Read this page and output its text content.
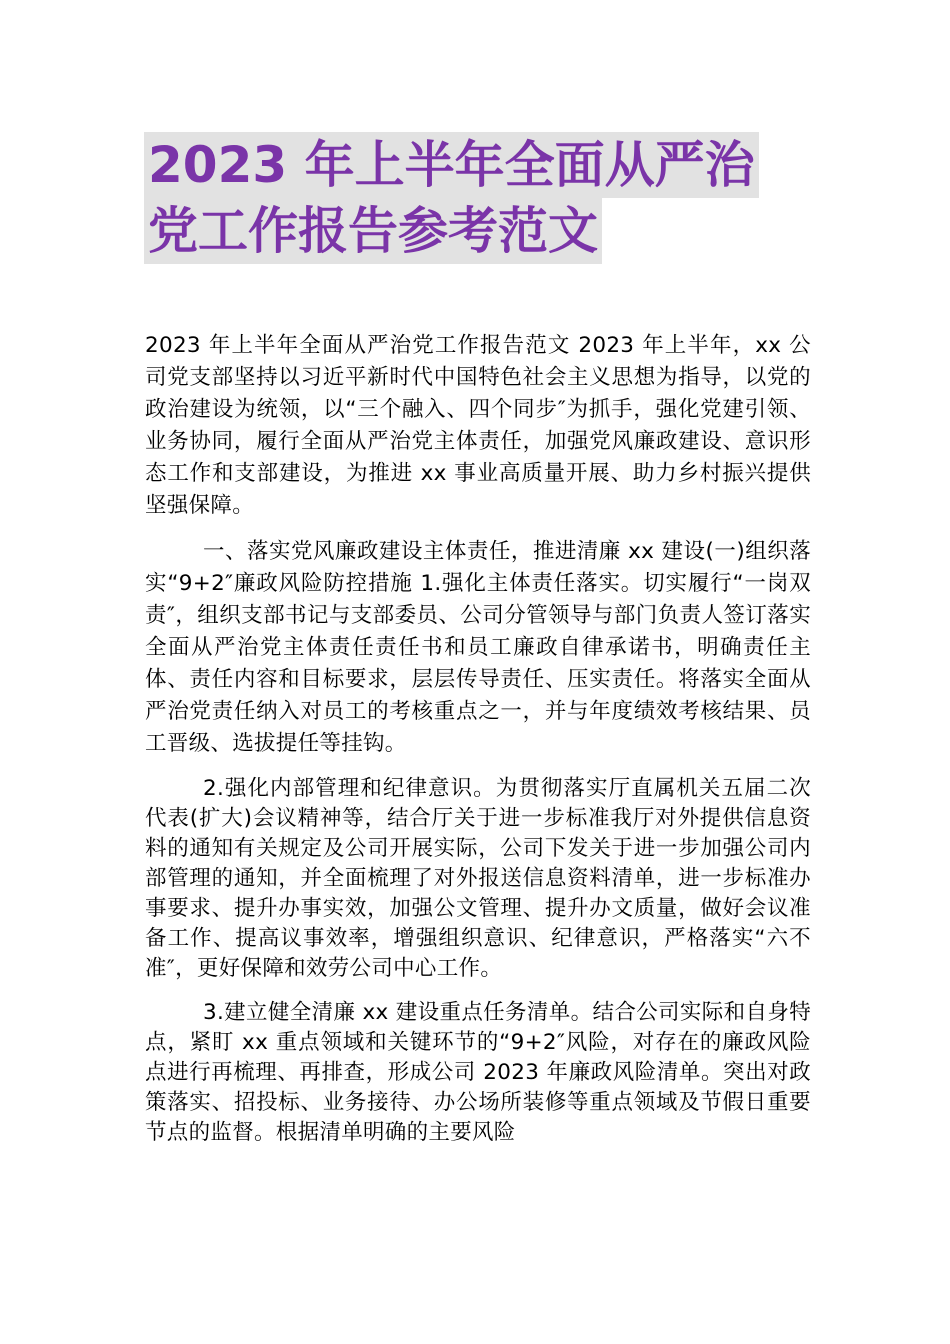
2023 年上半年全面从严治
党工作报告参考范文

2023 年上半年全面从严治党工作报告范文 2023 年上半年，xx 公司党支部坚持以习近平新时代中国特色社会主义思想为指导，以党的政治建设为统领，以“三个融入、四个同步″为抓手，强化党建引领、业务协同，履行全面从严治党主体责任，加强党风廉政建设、意识形态工作和支部建设，为推进 xx 事业高质量开展、助力乡村振兴提供坚强保障。

一、落实党风廉政建设主体责任，推进清廉 xx 建设(一)组织落实“9+2″廉政风险防控措施 1.强化主体责任落实。切实履行“一岗双责″，组织支部书记与支部委员、公司分管领导与部门负责人签订落实全面从严治党主体责任责任书和员工廉政自律承诺书，明确责任主体、责任内容和目标要求，层层传导责任、压实责任。将落实全面从严治党责任纳入对员工的考核重点之一，并与年度绩效考核结果、员工晋级、选拔提任等挂钩。

2.强化内部管理和纪律意识。为贯彻落实厅直属机关五届二次代表(扩大)会议精神等，结合厅关于进一步标准我厅对外提供信息资料的通知有关规定及公司开展实际，公司下发关于进一步加强公司内部管理的通知，并全面梳理了对外报送信息资料清单，进一步标准办事要求、提升办事实效，加强公文管理、提升办文质量，做好会议准备工作、提高议事效率，增强组织意识、纪律意识，严格落实“六不准″，更好保障和效劳公司中心工作。

3.建立健全清廉 xx 建设重点任务清单。结合公司实际和自身特点，紧盯 xx 重点领域和关键环节的“9+2″风险，对存在的廉政风险点进行再梳理、再排查，形成公司 2023 年廉政风险清单。突出对政策落实、招投标、业务接待、办公场所装修等重点领域及节假日重要节点的监督。根据清单明确的主要风险
